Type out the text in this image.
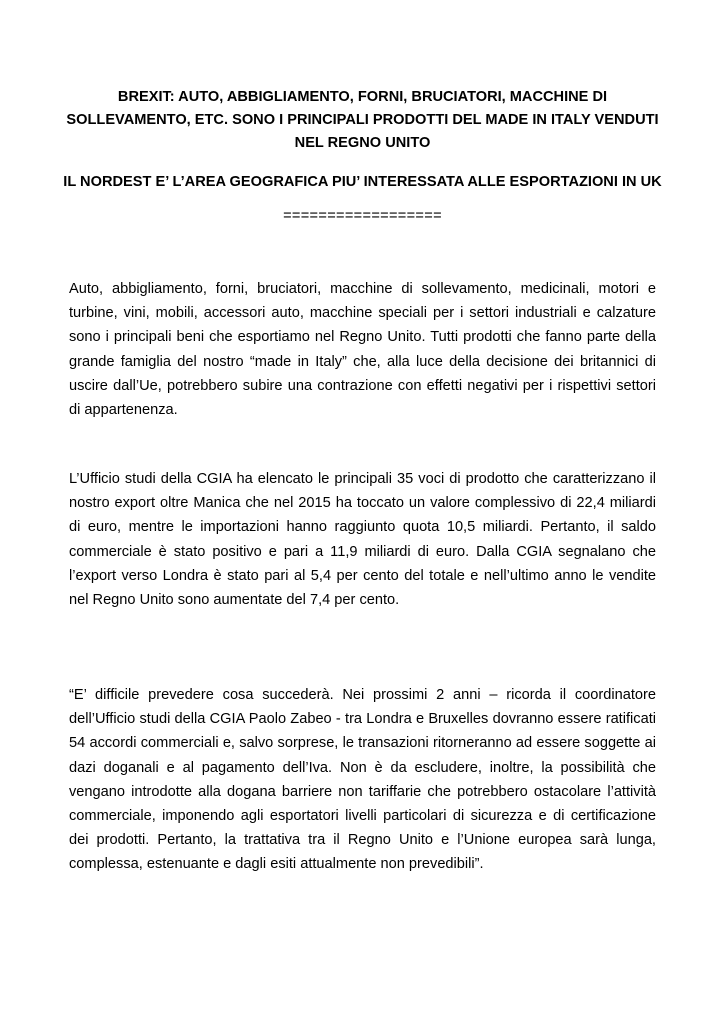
BREXIT: AUTO, ABBIGLIAMENTO, FORNI, BRUCIATORI, MACCHINE DI SOLLEVAMENTO, ETC. SONO I PRINCIPALI PRODOTTI DEL MADE IN ITALY VENDUTI NEL REGNO UNITO
IL NORDEST E’ L’AREA GEOGRAFICA PIU’ INTERESSATA ALLE ESPORTAZIONI IN UK

==================

Auto, abbigliamento, forni, bruciatori, macchine di sollevamento, medicinali, motori e turbine, vini, mobili, accessori auto, macchine speciali per i settori industriali e calzature sono i principali beni che esportiamo nel Regno Unito. Tutti prodotti che fanno parte della grande famiglia del nostro “made in Italy” che, alla luce della decisione dei britannici di uscire dall’Ue, potrebbero subire una contrazione con effetti negativi per i rispettivi settori di appartenenza.

L’Ufficio studi della CGIA ha elencato le principali 35 voci di prodotto che caratterizzano il nostro export oltre Manica che nel 2015 ha toccato un valore complessivo di 22,4 miliardi di euro, mentre le importazioni hanno raggiunto quota 10,5 miliardi. Pertanto, il saldo commerciale è stato positivo e pari a 11,9 miliardi di euro. Dalla CGIA segnalano che l’export verso Londra è stato pari al 5,4 per cento del totale e nell’ultimo anno le vendite nel Regno Unito sono aumentate del 7,4 per cento.

“E’ difficile prevedere cosa succederà. Nei prossimi 2 anni – ricorda il coordinatore dell’Ufficio studi della CGIA Paolo Zabeo - tra Londra e Bruxelles dovranno essere ratificati 54 accordi commerciali e, salvo sorprese, le transazioni ritorneranno ad essere soggette ai dazi doganali e al pagamento dell’Iva. Non è da escludere, inoltre, la possibilità che vengano introdotte alla dogana barriere non tariffarie che potrebbero ostacolare l’attività commerciale, imponendo agli esportatori livelli particolari di sicurezza e di certificazione dei prodotti. Pertanto, la trattativa tra il Regno Unito e l’Unione europea sarà lunga, complessa, estenuante e dagli esiti attualmente non prevedibili”.
